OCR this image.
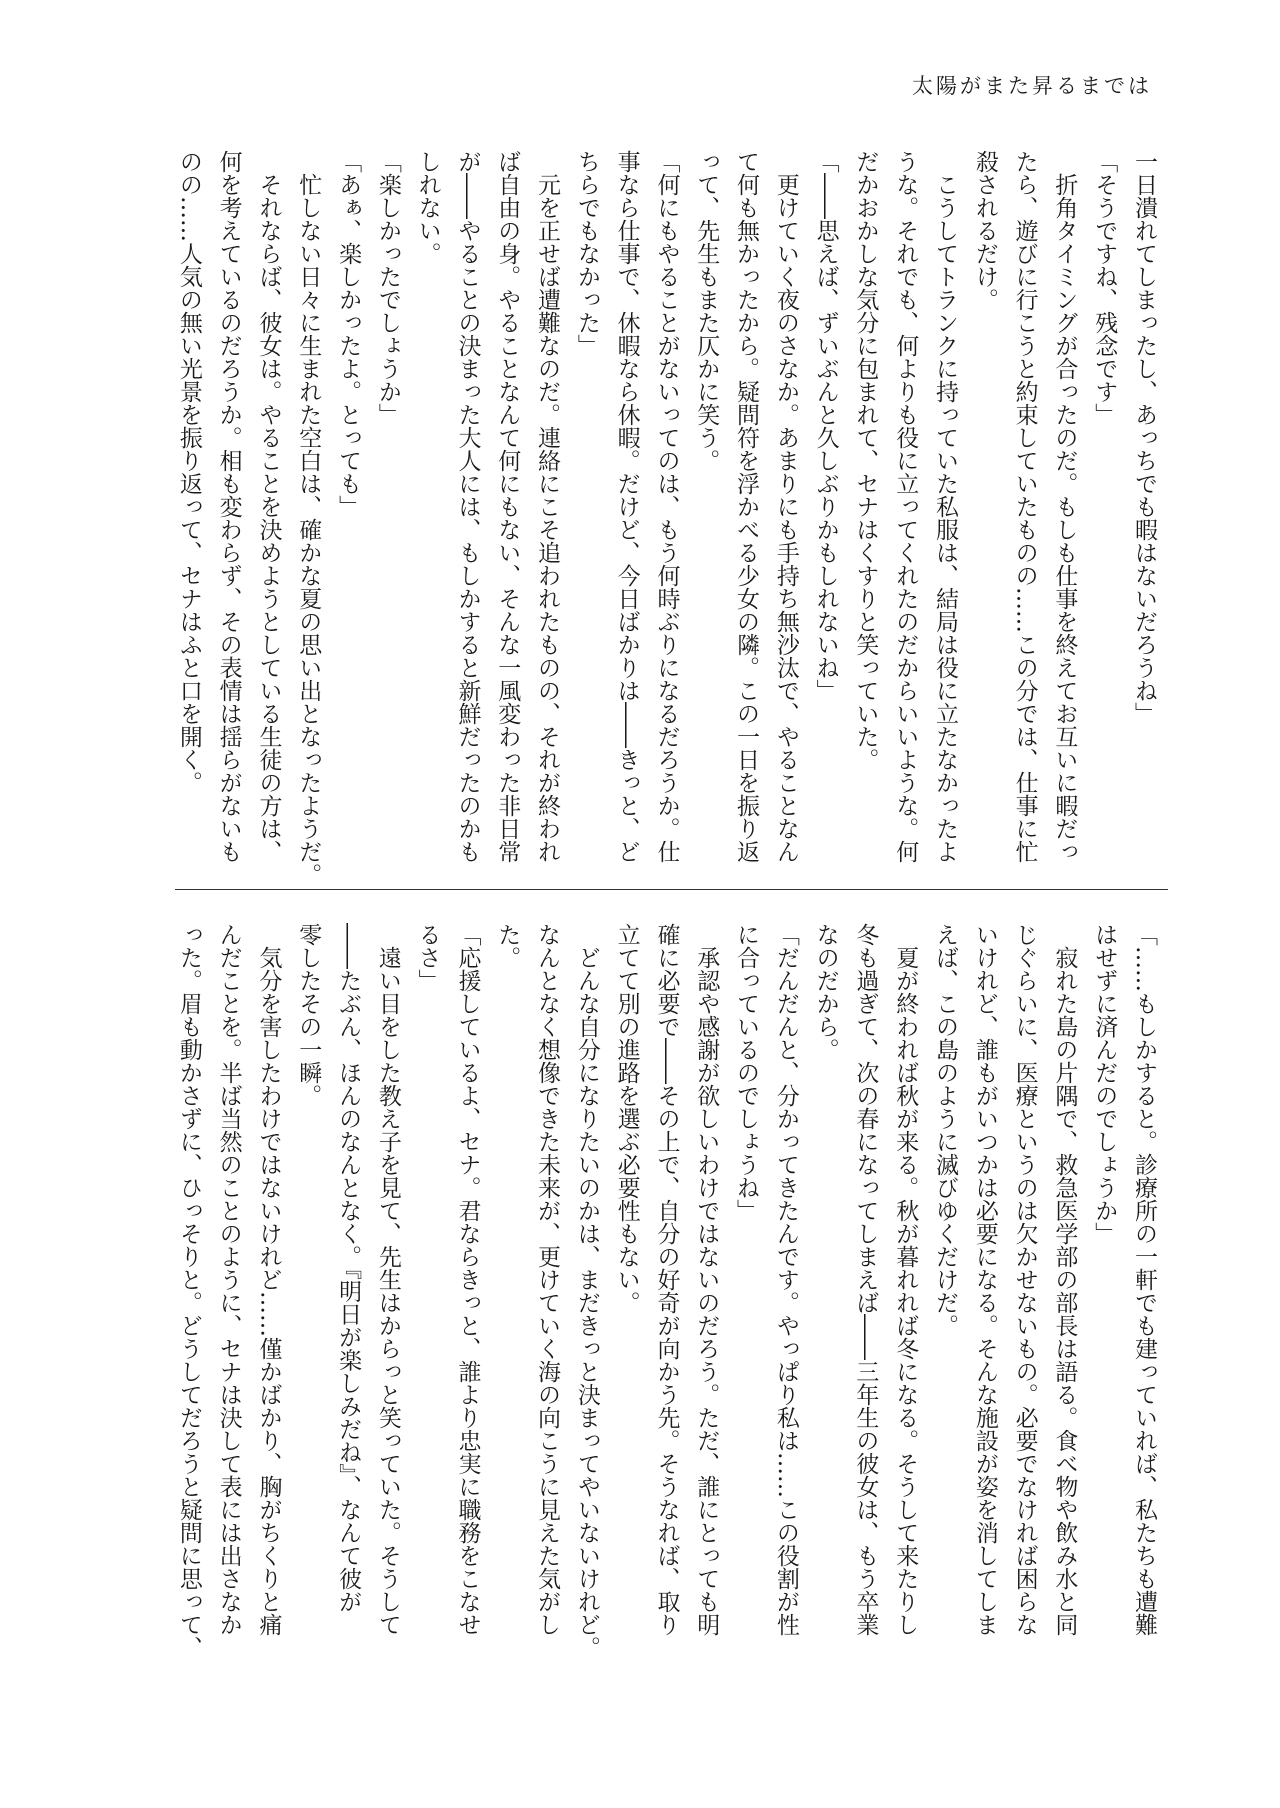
太陽がまた昇るまでは
一日潰れてしまったし、あっちでも暇はないだろうね」
「そうですね、残念です」
　折角タイミングが合ったのだ。もしも仕事を終えてお互いに暇だっ
たら、遊びに行こうと約束していたものの……この分では、仕事に忙
殺されるだけ。
　こうしてトランクに持っていた私服は、結局は役に立たなかったよ
うな。それでも、何よりも役に立ってくれたのだからいいような。何
だかおかしな気分に包まれて、セナはくすりと笑っていた。
「――思えば、ずいぶんと久しぶりかもしれないね」
　更けていく夜のさなか。あまりにも手持ち無沙汰で、やることなん
て何も無かったから。疑問符を浮かべる少女の隣。この一日を振り返
って、先生もまた仄かに笑う。
「何にもやることがないってのは、もう何時ぶりになるだろうか。仕
事なら仕事で、休暇なら休暇。だけど、今日ばかりは――きっと、ど
ちらでもなかった」
　元を正せば遭難なのだ。連絡にこそ追われたものの、それが終われ
ば自由の身。やることなんて何にもない、そんな一風変わった非日常
が――やることの決まった大人には、もしかすると新鮮だったのかも
しれない。
「楽しかったでしょうか」
「あぁ、楽しかったよ。とっても」
　忙しない日々に生まれた空白は、確かな夏の思い出となったようだ。
　それならば、彼女は。やることを決めようとしている生徒の方は、
何を考えているのだろうか。相も変わらず、その表情は揺らがないも
のの……人気の無い光景を振り返って、セナはふと口を開く。
「……もしかすると。診療所の一軒でも建っていれば、私たちも遭難
はせずに済んだのでしょうか」
　寂れた島の片隅で、救急医学部の部長は語る。食べ物や飲み水と同
じぐらいに、医療というのは欠かせないもの。必要でなければ困らな
いけれど、誰もがいつかは必要になる。そんな施設が姿を消してしま
えば、この島のように滅びゆくだけだ。
　夏が終われば秋が来る。秋が暮れれば冬になる。そうして来たりし
冬も過ぎて、次の春になってしまえば――三年生の彼女は、もう卒業
なのだから。
「だんだんと、分かってきたんです。やっぱり私は……この役割が性
に合っているのでしょうね」
　承認や感謝が欲しいわけではないのだろう。ただ、誰にとっても明
確に必要で――その上で、自分の好奇が向かう先。そうなれば、取り
立てて別の進路を選ぶ必要性もない。
　どんな自分になりたいのかは、まだきっと決まってやいないけれど。
なんとなく想像できた未来が、更けていく海の向こうに見えた気がし
た。
「応援しているよ、セナ。君ならきっと、誰より忠実に職務をこなせ
るさ」
　遠い目をした教え子を見て、先生はからっと笑っていた。そうして
――たぶん、ほんのなんとなく。『明日が楽しみだね』、なんて彼が
零したその一瞬。
　気分を害したわけではないけれど……僅かばかり、胸がちくりと痛
んだことを。半ば当然のことのように、セナは決して表には出さなか
った。眉も動かさずに、ひっそりと。どうしてだろうと疑問に思って、
